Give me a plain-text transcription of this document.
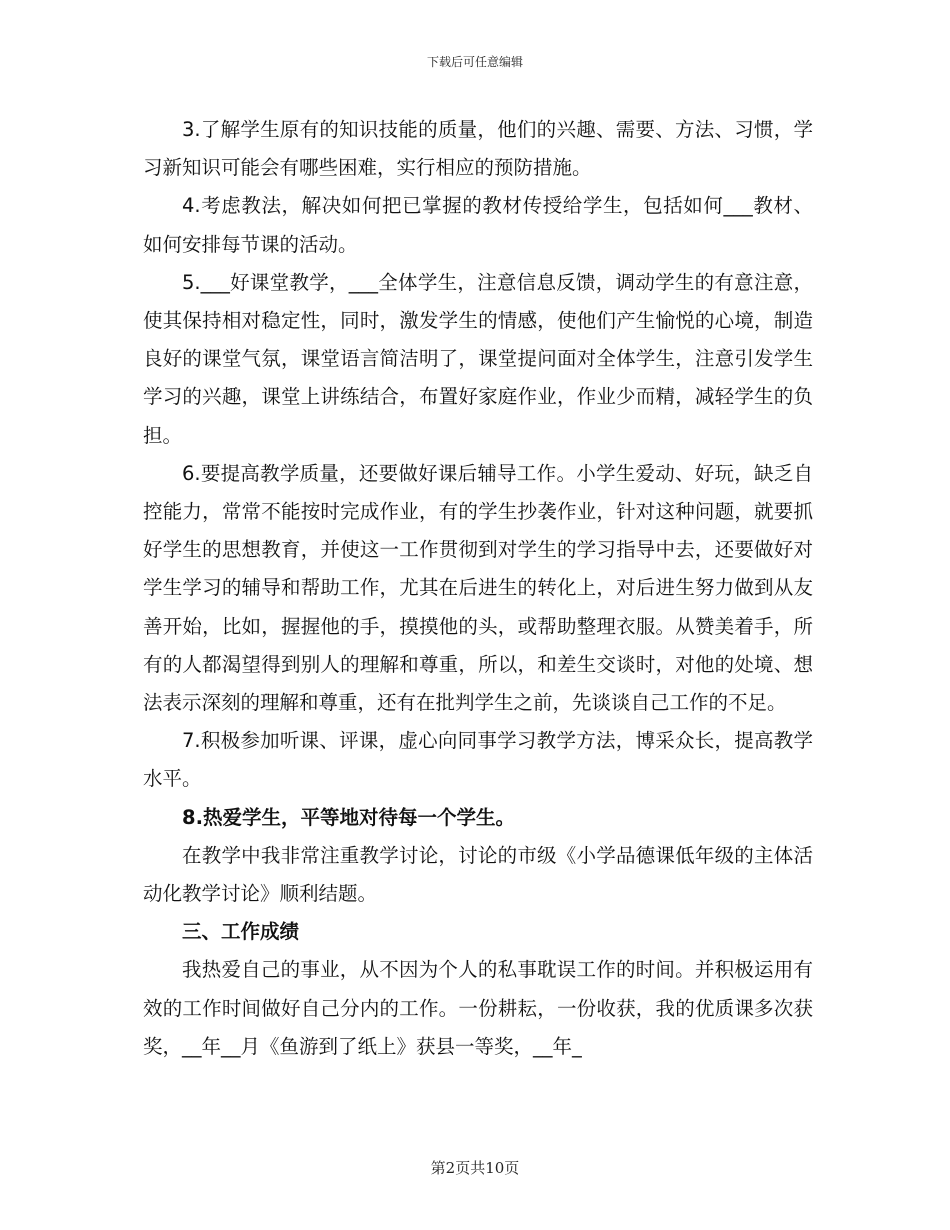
下载后可任意编辑

3.了解学生原有的知识技能的质量，他们的兴趣、需要、方法、习惯，学习新知识可能会有哪些困难，实行相应的预防措施。

4.考虑教法，解决如何把已掌握的教材传授给学生，包括如何___教材、如何安排每节课的活动。

5.___好课堂教学，___全体学生，注意信息反馈，调动学生的有意注意，使其保持相对稳定性，同时，激发学生的情感，使他们产生愉悦的心境，制造良好的课堂气氛，课堂语言简洁明了，课堂提问面对全体学生，注意引发学生学习的兴趣，课堂上讲练结合，布置好家庭作业，作业少而精，减轻学生的负担。

6.要提高教学质量，还要做好课后辅导工作。小学生爱动、好玩，缺乏自控能力，常常不能按时完成作业，有的学生抄袭作业，针对这种问题，就要抓好学生的思想教育，并使这一工作贯彻到对学生的学习指导中去，还要做好对学生学习的辅导和帮助工作，尤其在后进生的转化上，对后进生努力做到从友善开始，比如，握握他的手，摸摸他的头，或帮助整理衣服。从赞美着手，所有的人都渴望得到别人的理解和尊重，所以，和差生交谈时，对他的处境、想法表示深刻的理解和尊重，还有在批判学生之前，先谈谈自己工作的不足。

7.积极参加听课、评课，虚心向同事学习教学方法，博采众长，提高教学水平。

8.热爱学生，平等地对待每一个学生。

在教学中我非常注重教学讨论，讨论的市级《小学品德课低年级的主体活动化教学讨论》顺利结题。

三、工作成绩

我热爱自己的事业，从不因为个人的私事耽误工作的时间。并积极运用有效的工作时间做好自己分内的工作。一份耕耘，一份收获，我的优质课多次获奖，__年__月《鱼游到了纸上》获县一等奖，__年_

第2页共10页
